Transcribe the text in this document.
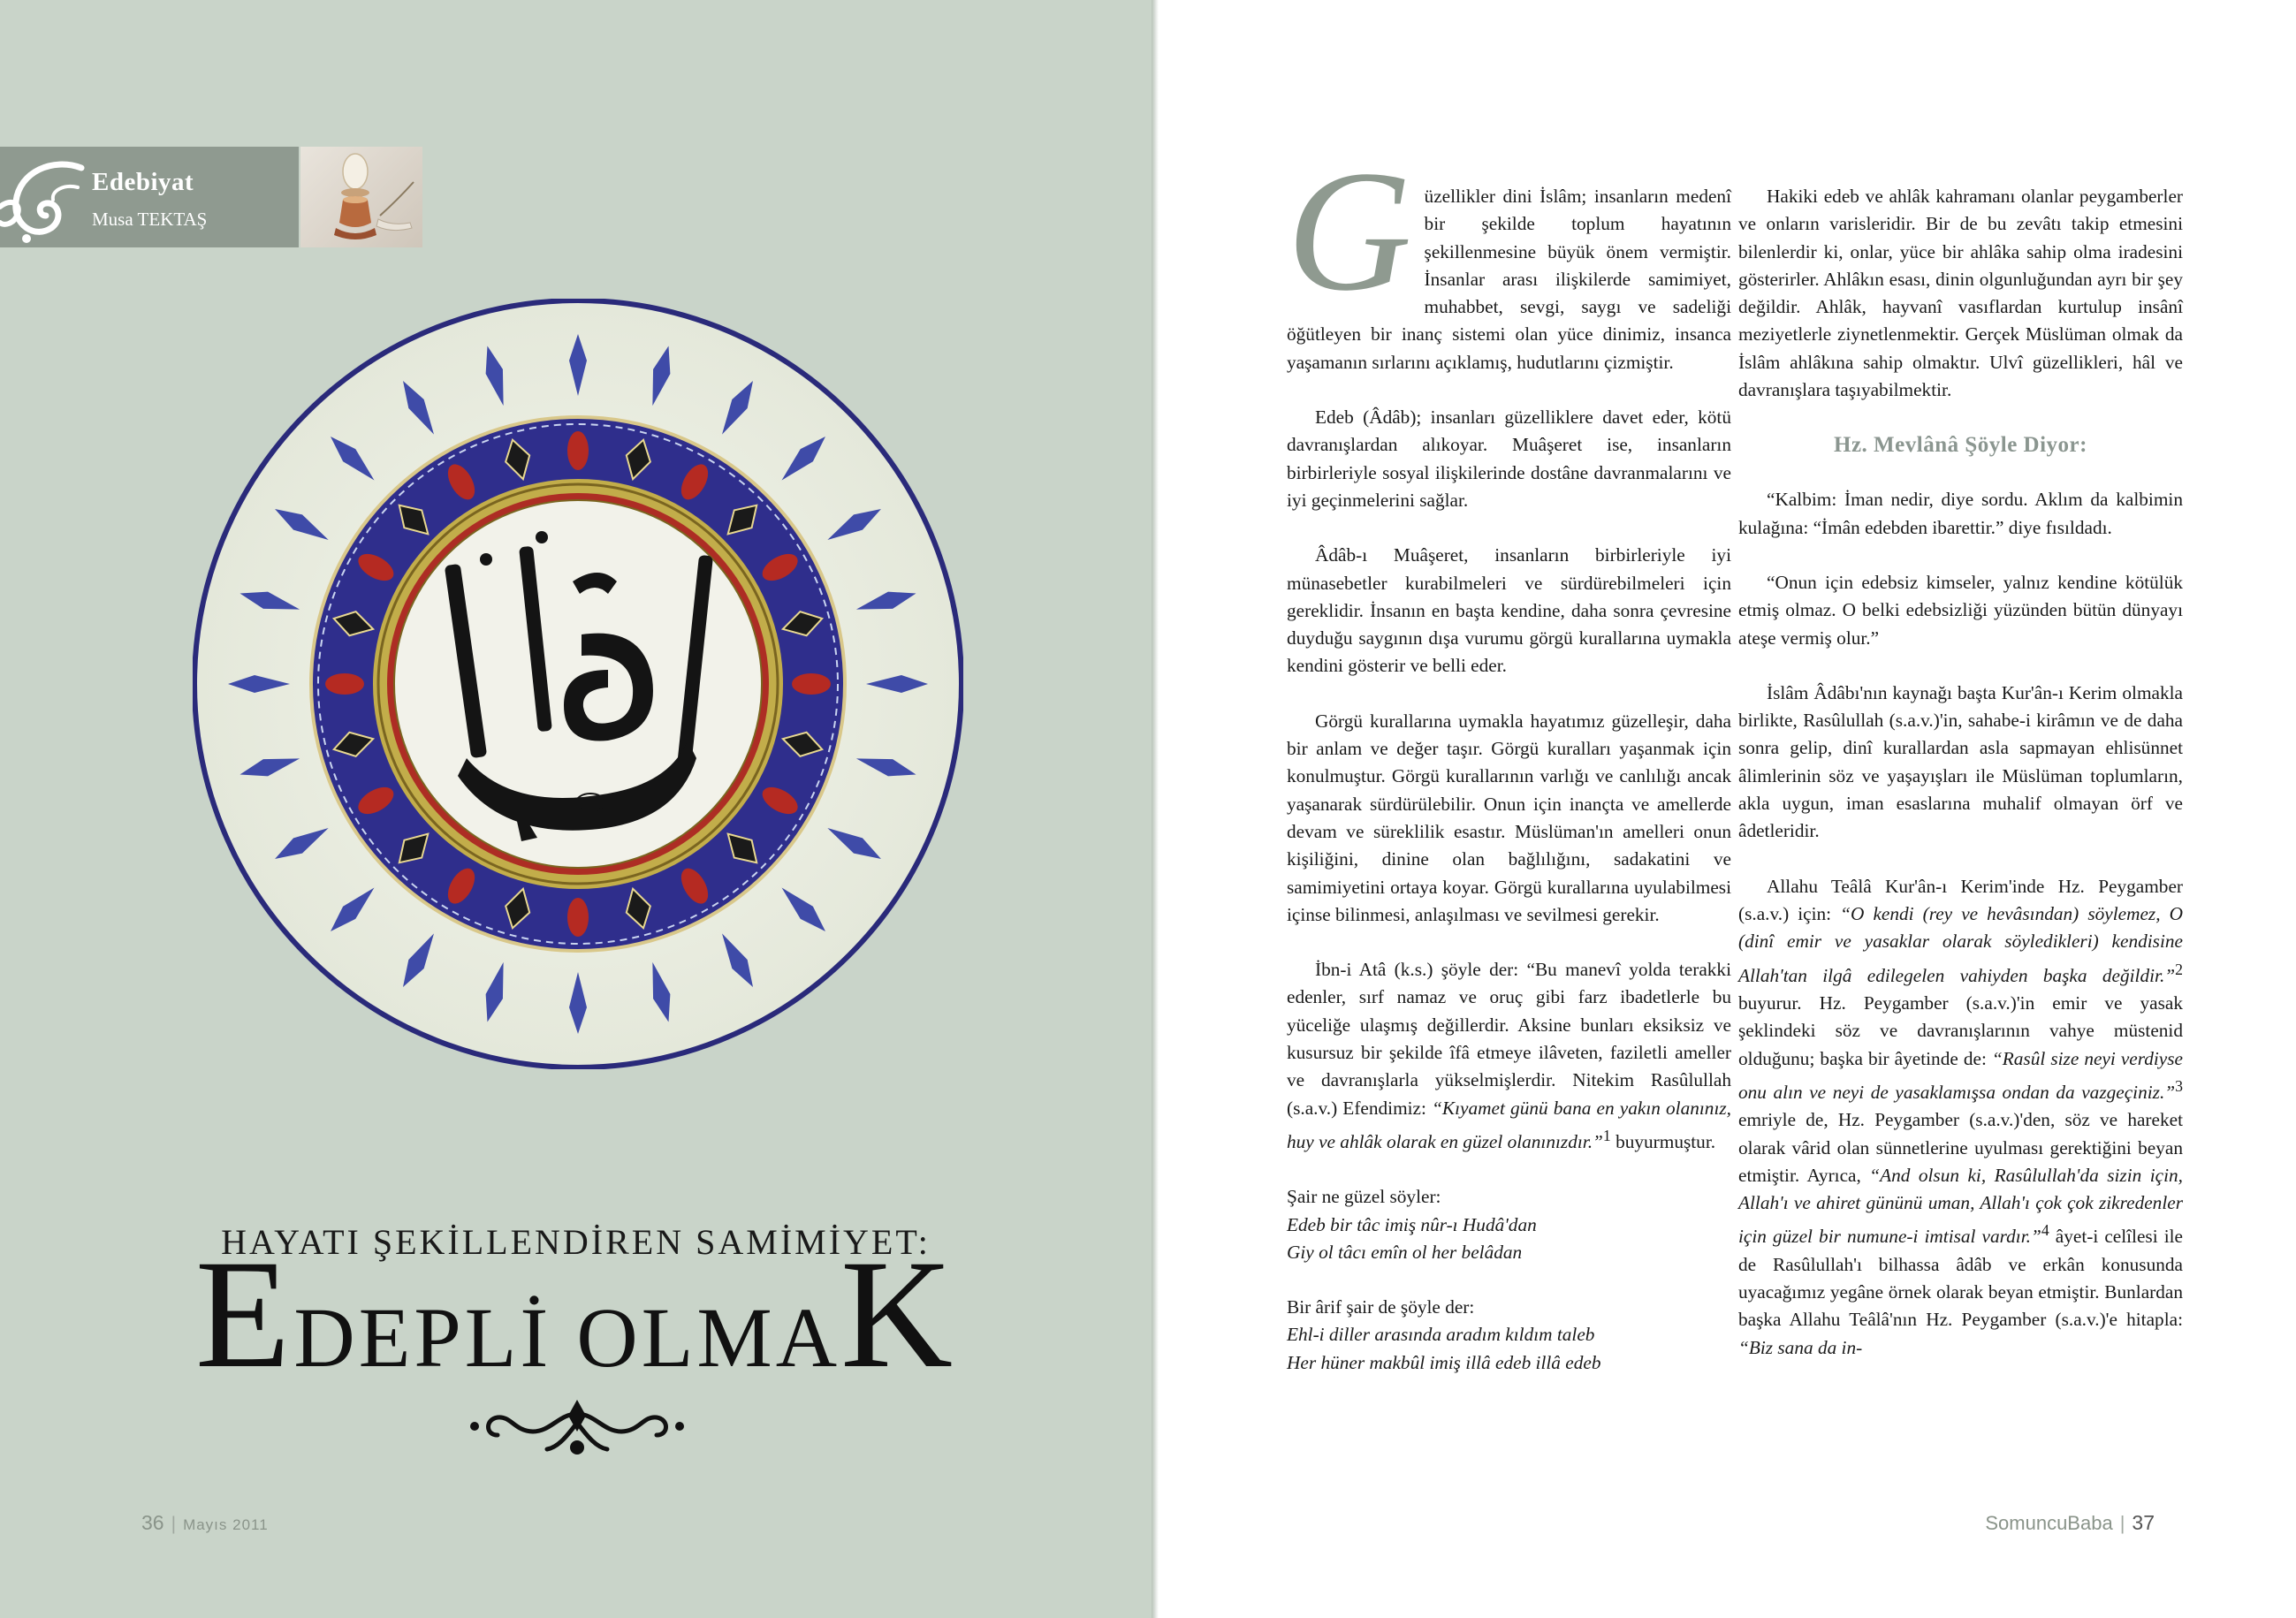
Edebiyat
Musa TEKTAŞ
HAYATI ŞEKİLLENDİREN SAMİMİYET:
EDEPLİ OLMAK
36 | Mayıs 2011

Güzellikler dini İslâm; insanların medenî bir şekilde toplum hayatının şekillenmesine büyük önem vermiştir. İnsanlar arası ilişkilerde samimiyet, muhabbet, sevgi, saygı ve sadeliği öğütleyen bir inanç sistemi olan yüce dinimiz, insanca yaşamanın sırlarını açıklamış, hudutlarını çizmiştir.

Edeb (Âdâb); insanları güzelliklere davet eder, kötü davranışlardan alıkoyar. Muâşeret ise, insanların birbirleriyle sosyal ilişkilerinde dostâne davranmalarını ve iyi geçinmelerini sağlar.

Âdâb-ı Muâşeret, insanların birbirleriyle iyi münasebetler kurabilmeleri ve sürdürebilmeleri için gereklidir. İnsanın en başta kendine, daha sonra çevresine duyduğu saygının dışa vurumu görgü kurallarına uymakla kendini gösterir ve belli eder.

Görgü kurallarına uymakla hayatımız güzelleşir, daha bir anlam ve değer taşır. Görgü kuralları yaşanmak için konulmuştur. Görgü kurallarının varlığı ve canlılığı ancak yaşanarak sürdürülebilir. Onun için inançta ve amellerde devam ve süreklilik esastır. Müslüman'ın amelleri onun kişiliğini, dinine olan bağlılığını, sadakatini ve samimiyetini ortaya koyar. Görgü kurallarına uyulabilmesi içinse bilinmesi, anlaşılması ve sevilmesi gerekir.

İbn-i Atâ (k.s.) şöyle der: “Bu manevî yolda terakki edenler, sırf namaz ve oruç gibi farz ibadetlerle bu yüceliğe ulaşmış değillerdir. Aksine bunları eksiksiz ve kusursuz bir şekilde îfâ etmeye ilâveten, faziletli ameller ve davranışlarla yükselmişlerdir. Nitekim Rasûlullah (s.a.v.) Efendimiz: “Kıyamet günü bana en yakın olanınız, huy ve ahlâk olarak en güzel olanınızdır.”$^1$ buyurmuştur.

Şair ne güzel söyler:
Edeb bir tâc imiş nûr-ı Hudâ'dan
Giy ol tâcı emîn ol her belâdan

Bir ârif şair de şöyle der:
Ehl-i diller arasında aradım kıldım taleb
Her hüner makbûl imiş illâ edeb illâ edeb

Hakiki edeb ve ahlâk kahramanı olanlar peygamberler ve onların varisleridir. Bir de bu zevâtı takip etmesini bilenlerdir ki, onlar, yüce bir ahlâka sahip olma iradesini gösterirler. Ahlâkın esası, dinin olgunluğundan ayrı bir şey değildir. Ahlâk, hayvanî vasıflardan kurtulup insânî meziyetlerle ziynetlenmektir. Gerçek Müslüman olmak da İslâm ahlâkına sahip olmaktır. Ulvî güzellikleri, hâl ve davranışlara taşıyabilmektir.

Hz. Mevlânâ Şöyle Diyor:

“Kalbim: İman nedir, diye sordu. Aklım da kalbimin kulağına: “İmân edebden ibarettir.” diye fısıldadı.

“Onun için edebsiz kimseler, yalnız kendine kötülük etmiş olmaz. O belki edebsizliği yüzünden bütün dünyayı ateşe vermiş olur.”

İslâm Âdâbı'nın kaynağı başta Kur'ân-ı Kerim olmakla birlikte, Rasûlullah (s.a.v.)'in, sahabe-i kirâmın ve de daha sonra gelip, dinî kurallardan asla sapmayan ehlisünnet âlimlerinin söz ve yaşayışları ile Müslüman toplumların, akla uygun, iman esaslarına muhalif olmayan örf ve âdetleridir.

Allahu Teâlâ Kur'ân-ı Kerim'inde Hz. Peygamber (s.a.v.) için: “O kendi (rey ve hevâsından) söylemez, O (dinî emir ve yasaklar olarak söyledikleri) kendisine Allah'tan ilgâ edilegelen vahiyden başka değildir.”$^2$ buyurur. Hz. Peygamber (s.a.v.)'in emir ve yasak şeklindeki söz ve davranışlarının vahye müstenid olduğunu; başka bir âyetinde de: “Rasûl size neyi verdiyse onu alın ve neyi de yasaklamışsa ondan da vazgeçiniz.”$^3$ emriyle de, Hz. Peygamber (s.a.v.)'den, söz ve hareket olarak vârid olan sünnetlerine uyulması gerektiğini beyan etmiştir. Ayrıca, “And olsun ki, Rasûlullah'da sizin için, Allah'ı ve ahiret gününü uman, Allah'ı çok çok zikredenler için güzel bir numune-i imtisal vardır.”$^4$ âyet-i celîlesi ile de Rasûlullah'ı bilhassa âdâb ve erkân konusunda uyacağımız yegâne örnek olarak beyan etmiştir. Bunlardan başka Allahu Teâlâ'nın Hz. Peygamber (s.a.v.)'e hitapla: “Biz sana da in-

SomuncuBaba | 37
